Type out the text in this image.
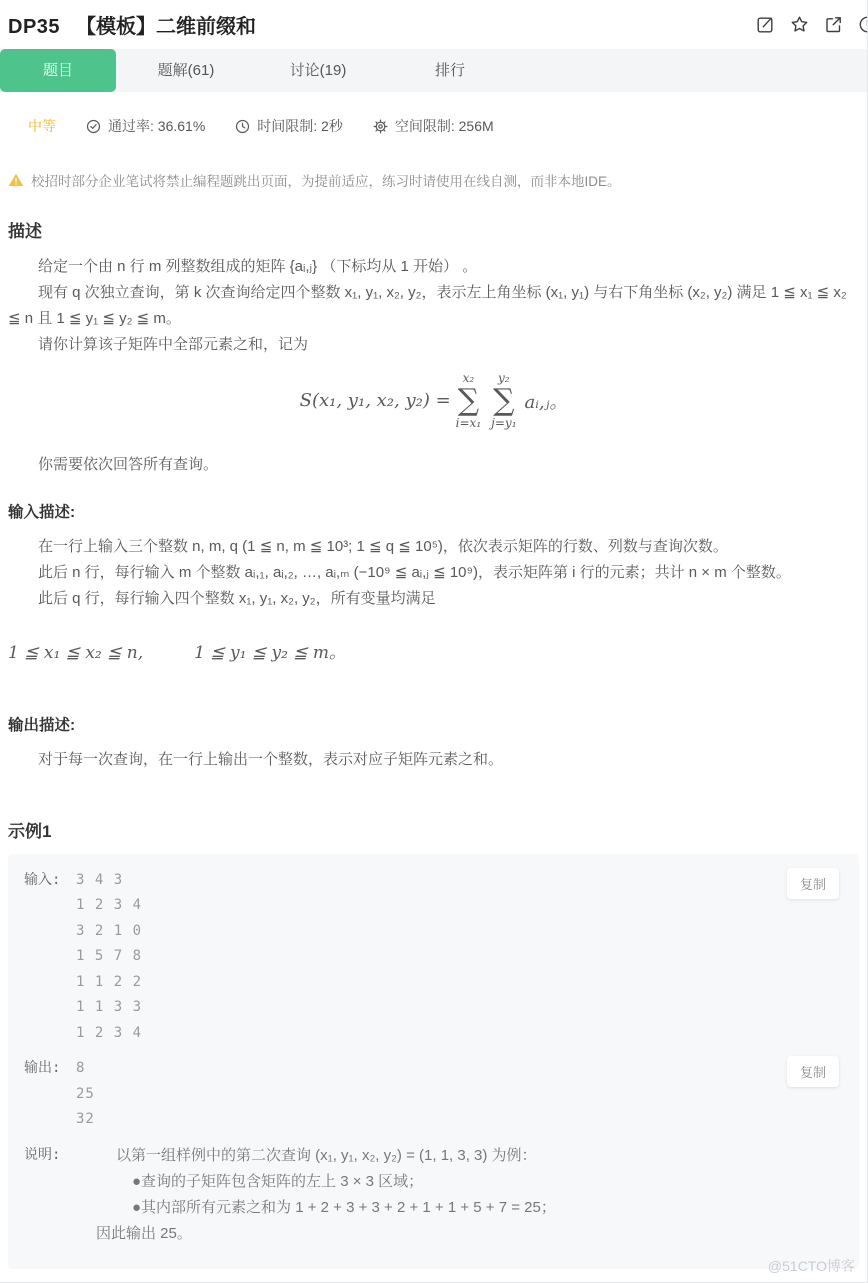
DP35 【模板】二维前缀和
题目	题解(61)	讨论(19)	排行
中等	通过率: 36.61%	时间限制: 2秒	空间限制: 256M
校招时部分企业笔试将禁止编程题跳出页面，为提前适应，练习时请使用在线自测，而非本地IDE。
描述

给定一个由 n 行 m 列整数组成的矩阵 {aᵢ,ⱼ} （下标均从 1 开始） 。

现有 q 次独立查询，第 k 次查询给定四个整数 x₁, y₁, x₂, y₂，表示左上角坐标 (x₁, y₁) 与右下角坐标 (x₂, y₂) 满足 1 ≦ x₁ ≦ x₂ ≦ n 且 1 ≦ y₁ ≦ y₂ ≦ m。

请你计算该子矩阵中全部元素之和，记为

S(x₁, y₁, x₂, y₂) =
x₂
∑
i=x₁
y₂
∑
j=y₁
aᵢ,ⱼ。

你需要依次回答所有查询。

输入描述:

在一行上输入三个整数 n, m, q (1 ≦ n, m ≦ 10³; 1 ≦ q ≦ 10⁵)，依次表示矩阵的行数、列数与查询次数。

此后 n 行，每行输入 m 个整数 aᵢ,₁, aᵢ,₂, …, aᵢ,ₘ (−10⁹ ≦ aᵢ,ⱼ ≦ 10⁹)，表示矩阵第 i 行的元素；共计 n × m 个整数。

此后 q 行，每行输入四个整数 x₁, y₁, x₂, y₂，所有变量均满足

1 ≦ x₁ ≦ x₂ ≦ n,　　　1 ≦ y₁ ≦ y₂ ≦ m。
输出描述:

对于每一次查询，在一行上输出一个整数，表示对应子矩阵元素之和。

示例1
输入:	3 4 3
1 2 3 4
3 2 1 0
1 5 7 8
1 1 2 2
1 1 3 3
1 2 3 4
复制
输出:	8
25
32
复制
说明:	以第一组样例中的第二次查询 (x₁, y₁, x₂, y₂) = (1, 1, 3, 3) 为例：
●查询的子矩阵包含矩阵的左上 3 × 3 区域；
●其内部所有元素之和为 1 + 2 + 3 + 3 + 2 + 1 + 1 + 5 + 7 = 25；
因此输出 25。
@51CTO博客
